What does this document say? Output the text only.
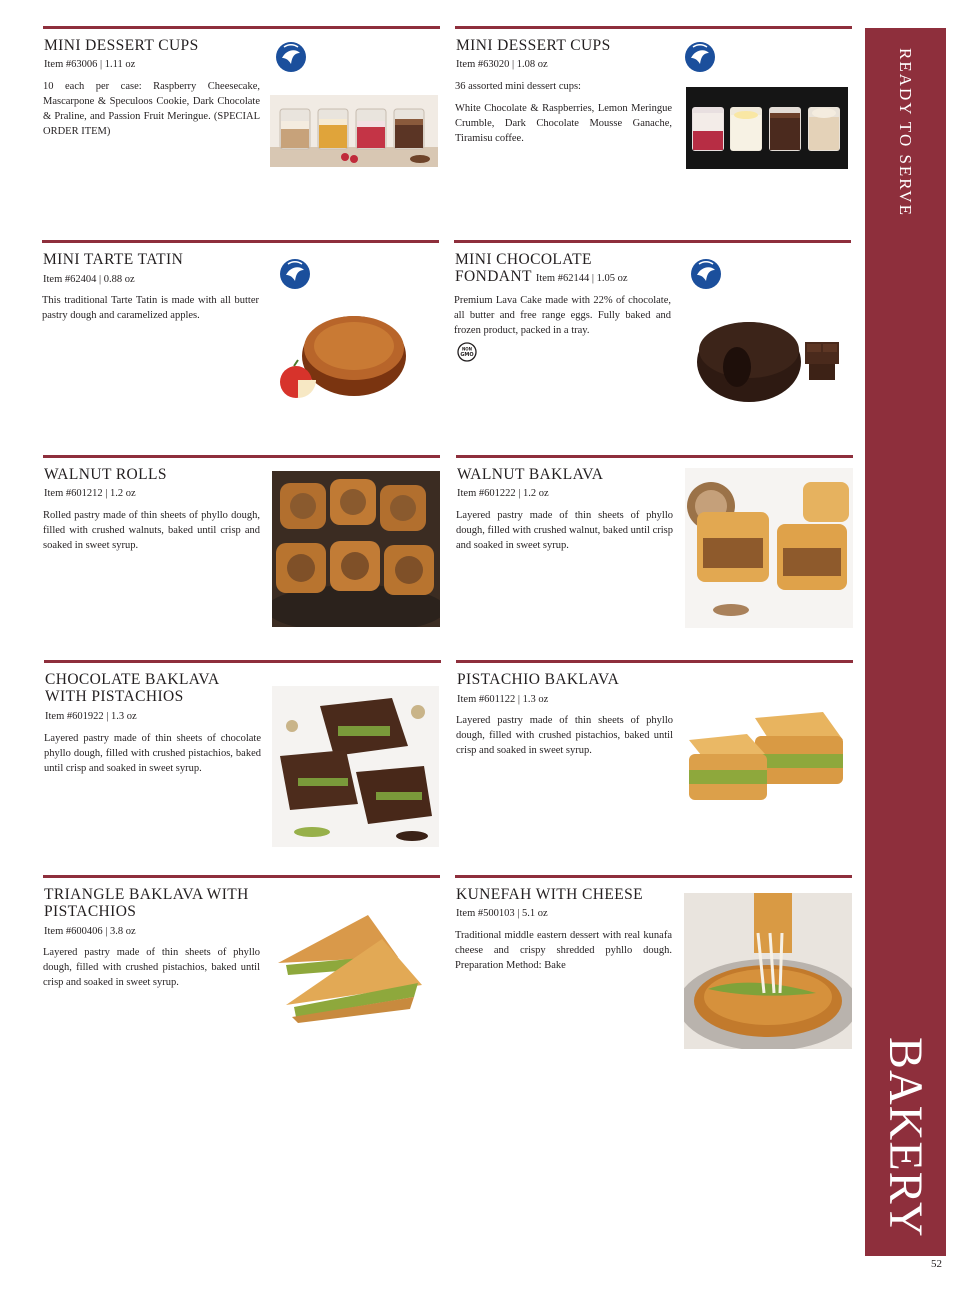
MINI DESSERT CUPS
Item #63006 | 1.11 oz
10 each per case: Raspberry Cheesecake, Mascarpone & Speculoos Cookie, Dark Chocolate & Praline, and Passion Fruit Meringue. (SPECIAL ORDER ITEM)
MINI DESSERT CUPS
Item #63020 | 1.08 oz
36 assorted mini dessert cups:
White Chocolate & Raspberries, Lemon Meringue Crumble, Dark Chocolate Mousse Ganache, Tiramisu coffee.
MINI TARTE TATIN
Item #62404 | 0.88 oz
This traditional Tarte Tatin is made with all butter pastry dough and caramelized apples.
MINI CHOCOLATE
FONDANT Item #62144 | 1.05 oz
Premium Lava Cake made with 22% of chocolate, all butter and free range eggs. Fully baked and frozen product, packed in a tray.
NON
GMO
WALNUT ROLLS
Item #601212 | 1.2 oz
Rolled pastry made of thin sheets of phyllo dough, filled with crushed walnuts, baked until crisp and soaked in sweet syrup.
WALNUT BAKLAVA
Item #601222 | 1.2 oz
Layered pastry made of thin sheets of phyllo dough, filled with crushed walnut, baked until crisp and soaked in sweet syrup.
CHOCOLATE BAKLAVA
WITH PISTACHIOS
Item #601922 | 1.3 oz
Layered pastry made of thin sheets of chocolate phyllo dough, filled with crushed pistachios, baked until crisp and soaked in sweet syrup.
PISTACHIO BAKLAVA
Item #601122 | 1.3 oz
Layered pastry made of thin sheets of phyllo dough, filled with crushed pistachios, baked until crisp and soaked in sweet syrup.
TRIANGLE BAKLAVA WITH
PISTACHIOS
Item #600406 | 3.8 oz
Layered pastry made of thin sheets of phyllo dough, filled with crushed pistachios, baked until crisp and soaked in sweet syrup.
KUNEFAH WITH CHEESE
Item #500103 | 5.1 oz
Traditional middle eastern dessert with real kunafa cheese and crispy shredded pyhllo dough. Preparation Method: Bake
READY TO SERVE
BAKERY
52
